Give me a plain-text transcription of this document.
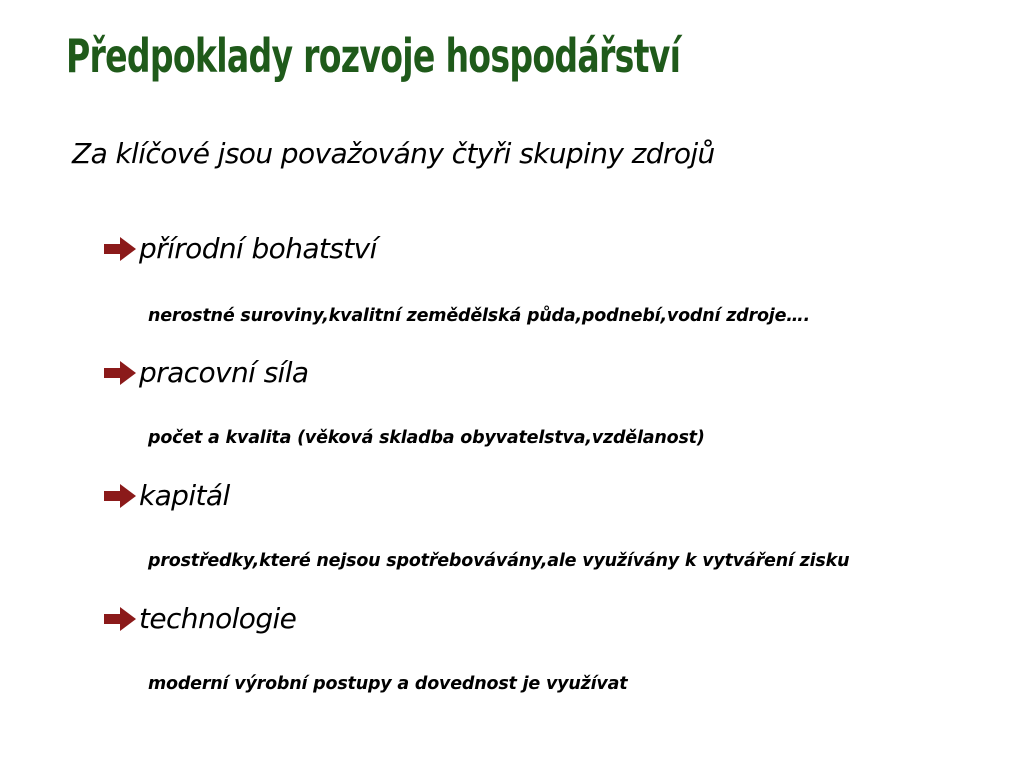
Předpoklady rozvoje hospodářství
Za klíčové jsou považovány čtyři skupiny zdrojů
přírodní bohatství
nerostné suroviny,kvalitní zemědělská půda,podnebí,vodní zdroje….
pracovní síla
počet a kvalita (věková skladba obyvatelstva,vzdělanost)
kapitál
prostředky,které nejsou spotřebovávány,ale využívány k vytváření zisku
technologie
moderní výrobní postupy a dovednost je využívat
